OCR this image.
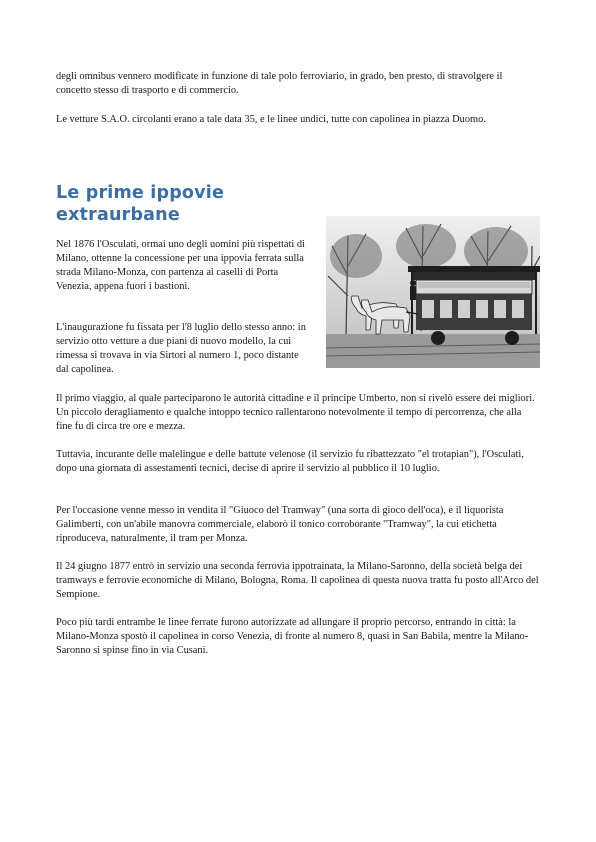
degli omnibus vennero modificate in funzione di tale polo ferroviario, in grado, ben presto, di stravolgere il concetto stesso di trasporto e di commercio.

Le vetture S.A.O. circolanti erano a tale data 35, e le linee undici, tutte con capolinea in piazza Duomo.

Le prime ippovie extraurbane

Nel 1876 l'Osculati, ormai uno degli uomini più rispettati di Milano, ottenne la concessione per una ippovia ferrata sulla strada Milano-Monza, con partenza ai caselli di Porta Venezia, appena fuori i bastioni.

L'inaugurazione fu fissata per l'8 luglio dello stesso anno: in servizio otto vetture a due piani di nuovo modello, la cui rimessa si trovava in via Sirtori al numero 1, poco distante dal capolinea.

Il primo viaggio, al quale parteciparono le autorità cittadine e il principe Umberto, non si rivelò essere dei migliori. Un piccolo deragliamento e qualche intoppo tecnico rallentarono notevolmente il tempo di percorrenza, che alla fine fu di circa tre ore e mezza.

Tuttavia, incurante delle malelingue e delle battute velenose (il servizio fu ribattezzato "el trotapian"), l'Osculati, dopo una giornata di assestamenti tecnici, decise di aprire il servizio al pubblico il 10 luglio.

Per l'occasione venne messo in vendita il "Giuoco del Tramway" (una sorta di gioco dell'oca), e il liquorista Galimberti, con un'abile manovra commerciale, elaborò il tonico corroborante "Tramway", la cui etichetta riproduceva, naturalmente, il tram per Monza.

Il 24 giugno 1877 entrò in servizio una seconda ferrovia ippotrainata, la Milano-Saronno, della società belga dei tramways e ferrovie economiche di Milano, Bologna, Roma. Il capolinea di questa nuova tratta fu posto all'Arco del Sempione.

Poco più tardi entrambe le linee ferrate furono autorizzate ad allungare il proprio percorso, entrando in città: la Milano-Monza spostò il capolinea in corso Venezia, di fronte al numero 8, quasi in San Babila, mentre la Milano-Saronno si spinse fino in via Cusani.
